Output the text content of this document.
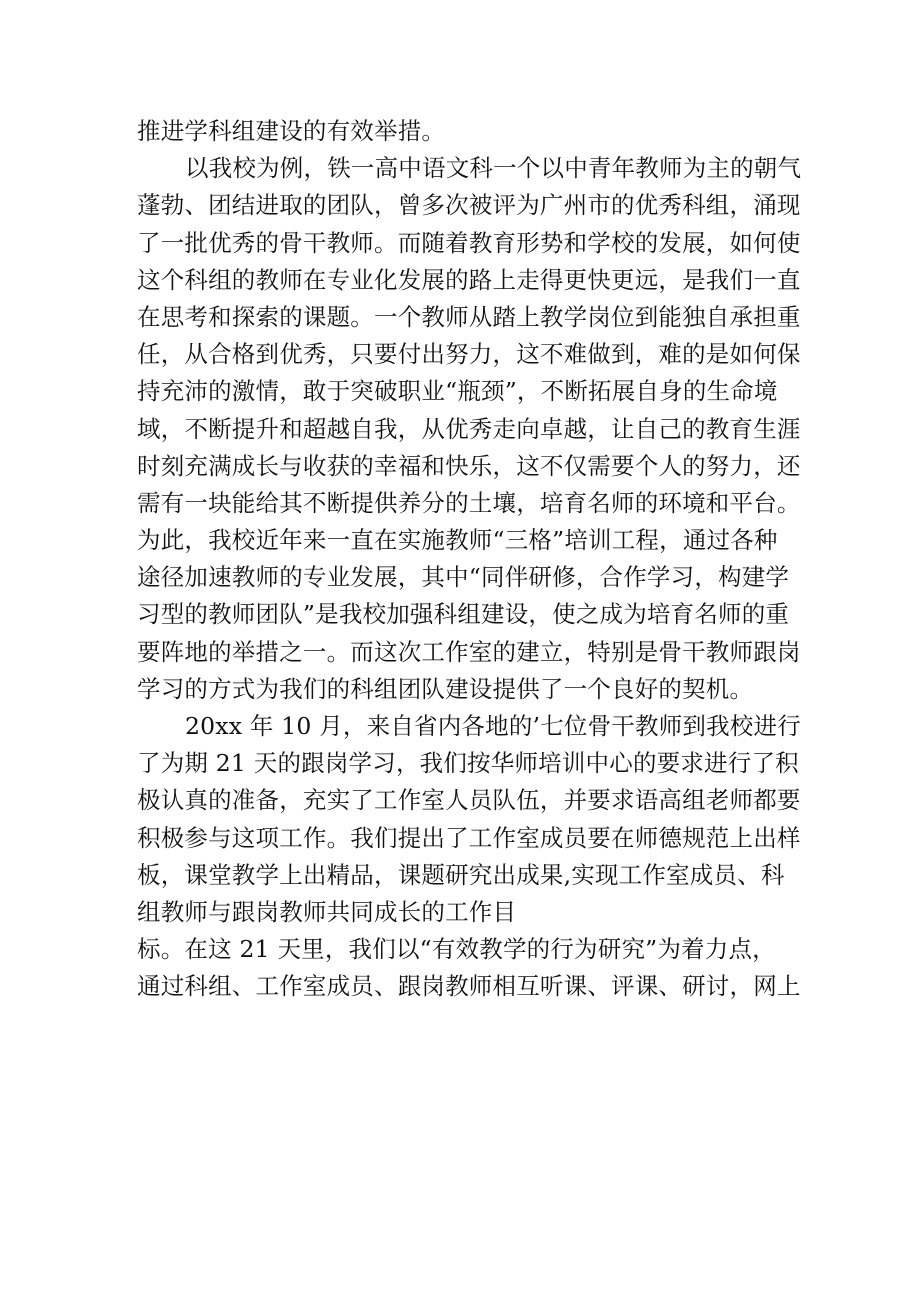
推进学科组建设的有效举措。
以我校为例，铁一高中语文科一个以中青年教师为主的朝气
蓬勃、团结进取的团队，曾多次被评为广州市的优秀科组，涌现
了一批优秀的骨干教师。而随着教育形势和学校的发展，如何使
这个科组的教师在专业化发展的路上走得更快更远，是我们一直
在思考和探索的课题。一个教师从踏上教学岗位到能独自承担重
任，从合格到优秀，只要付出努力，这不难做到，难的是如何保
持充沛的激情，敢于突破职业“瓶颈”，不断拓展自身的生命境
域，不断提升和超越自我，从优秀走向卓越，让自己的教育生涯
时刻充满成长与收获的幸福和快乐，这不仅需要个人的努力，还
需有一块能给其不断提供养分的土壤，培育名师的环境和平台。
为此，我校近年来一直在实施教师“三格”培训工程，通过各种
途径加速教师的专业发展，其中“同伴研修，合作学习，构建学
习型的教师团队”是我校加强科组建设，使之成为培育名师的重
要阵地的举措之一。而这次工作室的建立，特别是骨干教师跟岗
学习的方式为我们的科组团队建设提供了一个良好的契机。
20xx 年 10 月，来自省内各地的’七位骨干教师到我校进行
了为期 21 天的跟岗学习，我们按华师培训中心的要求进行了积
极认真的准备，充实了工作室人员队伍，并要求语高组老师都要
积极参与这项工作。我们提出了工作室成员要在师德规范上出样
板，课堂教学上出精品，课题研究出成果,实现工作室成员、科
组教师与跟岗教师共同成长的工作目
标。在这 21 天里，我们以“有效教学的行为研究”为着力点，
通过科组、工作室成员、跟岗教师相互听课、评课、研讨，网上
